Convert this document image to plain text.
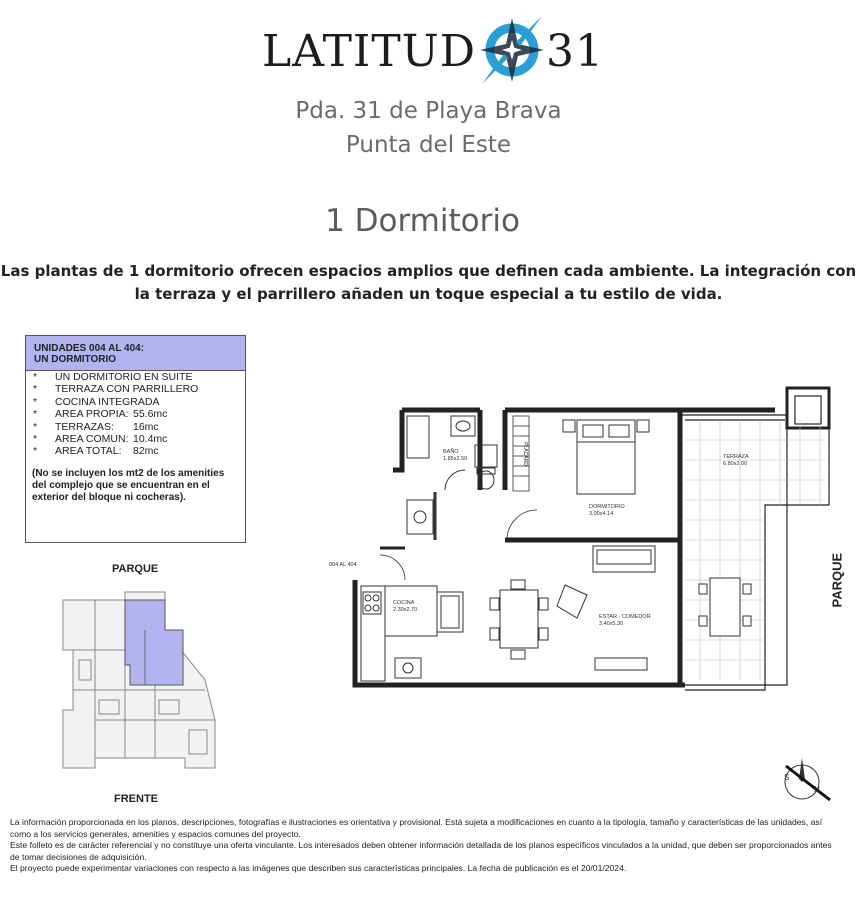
LATITUD 31
Pda. 31 de Playa Brava
Punta del Este
1 Dormitorio
Las plantas de 1 dormitorio ofrecen espacios amplios que definen cada ambiente. La integración con la terraza y el parrillero añaden un toque especial a tu estilo de vida.
UNIDADES 004 AL 404:
UN DORMITORIO
* UN DORMITORIO EN SUITE
* TERRAZA CON PARRILLERO
* COCINA INTEGRADA
* AREA PROPIA: 55.6mc
* TERRAZAS: 16mc
* AREA COMUN: 10.4mc
* AREA TOTAL: 82mc
(No se incluyen los mt2 de los amenities del complejo que se encuentran en el exterior del bloque ni cocheras).
PARQUE
FRENTE
PLACARD
BAÑO
1.85x2.50
DORMITORIO
3.00x4.14
TERRAZA
6.80x2.00
COCINA
2.30x2.70
ESTAR - COMEDOR
3.40x5.30
004 AL 404	PARQUE
S
N

La información proporcionada en los planos, descripciones, fotografías e ilustraciones es orientativa y provisional. Está sujeta a modificaciones en cuanto a la tipología, tamaño y características de las unidades, así como a los servicios generales, amenities y espacios comunes del proyecto.

Este folleto es de carácter referencial y no constituye una oferta vinculante. Los interesados deben obtener información detallada de los planos específicos vinculados a la unidad, que deben ser proporcionados antes de tomar decisiones de adquisición.

El proyecto puede experimentar variaciones con respecto a las imágenes que describen sus características principales. La fecha de publicación es el 20/01/2024.
